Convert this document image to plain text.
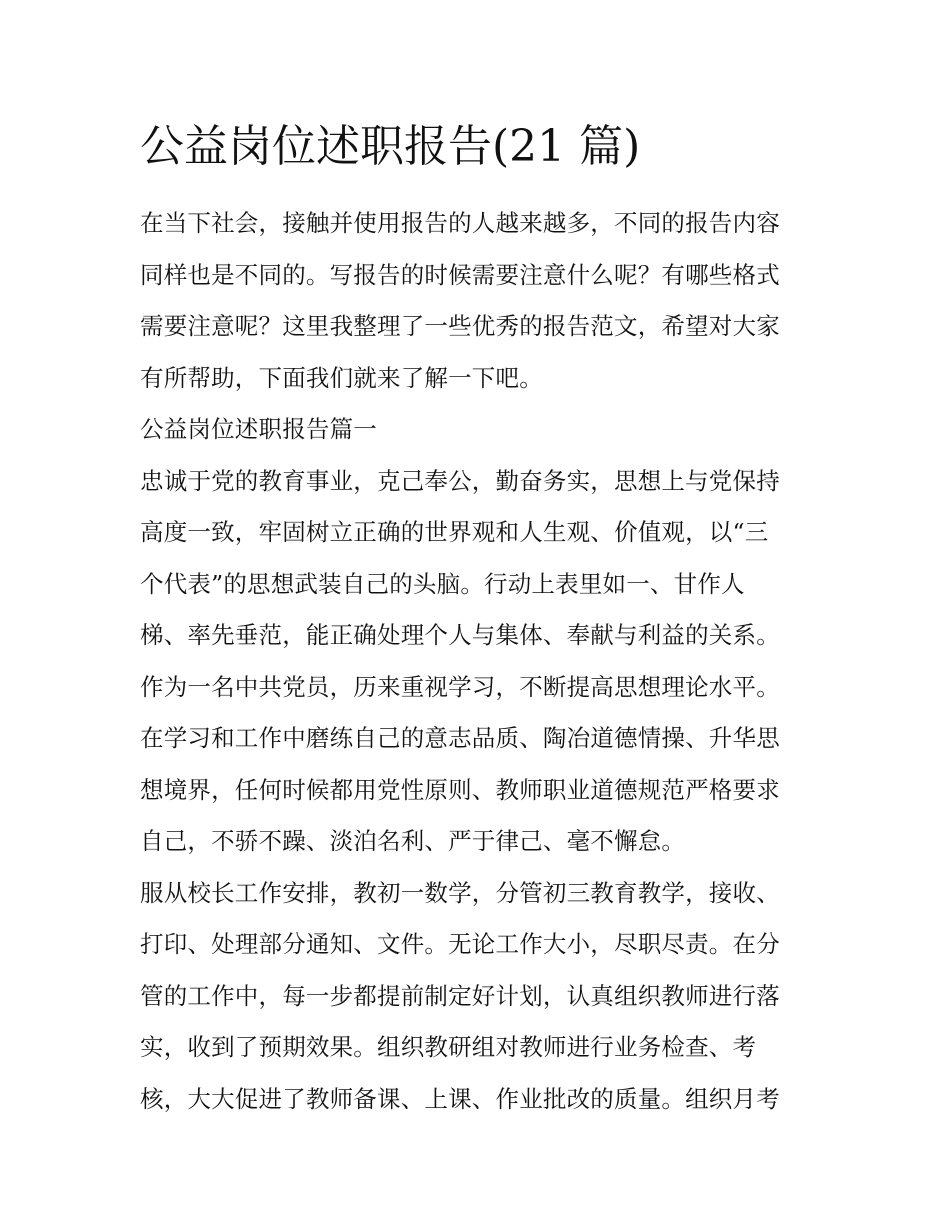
公益岗位述职报告(21 篇)
在当下社会，接触并使用报告的人越来越多，不同的报告内容
同样也是不同的。写报告的时候需要注意什么呢？有哪些格式
需要注意呢？这里我整理了一些优秀的报告范文，希望对大家
有所帮助，下面我们就来了解一下吧。
公益岗位述职报告篇一
忠诚于党的教育事业，克己奉公，勤奋务实，思想上与党保持
高度一致，牢固树立正确的世界观和人生观、价值观，以“三
个代表”的思想武装自己的头脑。行动上表里如一、甘作人
梯、率先垂范，能正确处理个人与集体、奉献与利益的关系。
作为一名中共党员，历来重视学习，不断提高思想理论水平。
在学习和工作中磨练自己的意志品质、陶冶道德情操、升华思
想境界，任何时候都用党性原则、教师职业道德规范严格要求
自己，不骄不躁、淡泊名利、严于律己、毫不懈怠。
服从校长工作安排，教初一数学，分管初三教育教学，接收、
打印、处理部分通知、文件。无论工作大小，尽职尽责。在分
管的工作中，每一步都提前制定好计划，认真组织教师进行落
实，收到了预期效果。组织教研组对教师进行业务检查、考
核，大大促进了教师备课、上课、作业批改的质量。组织月考
